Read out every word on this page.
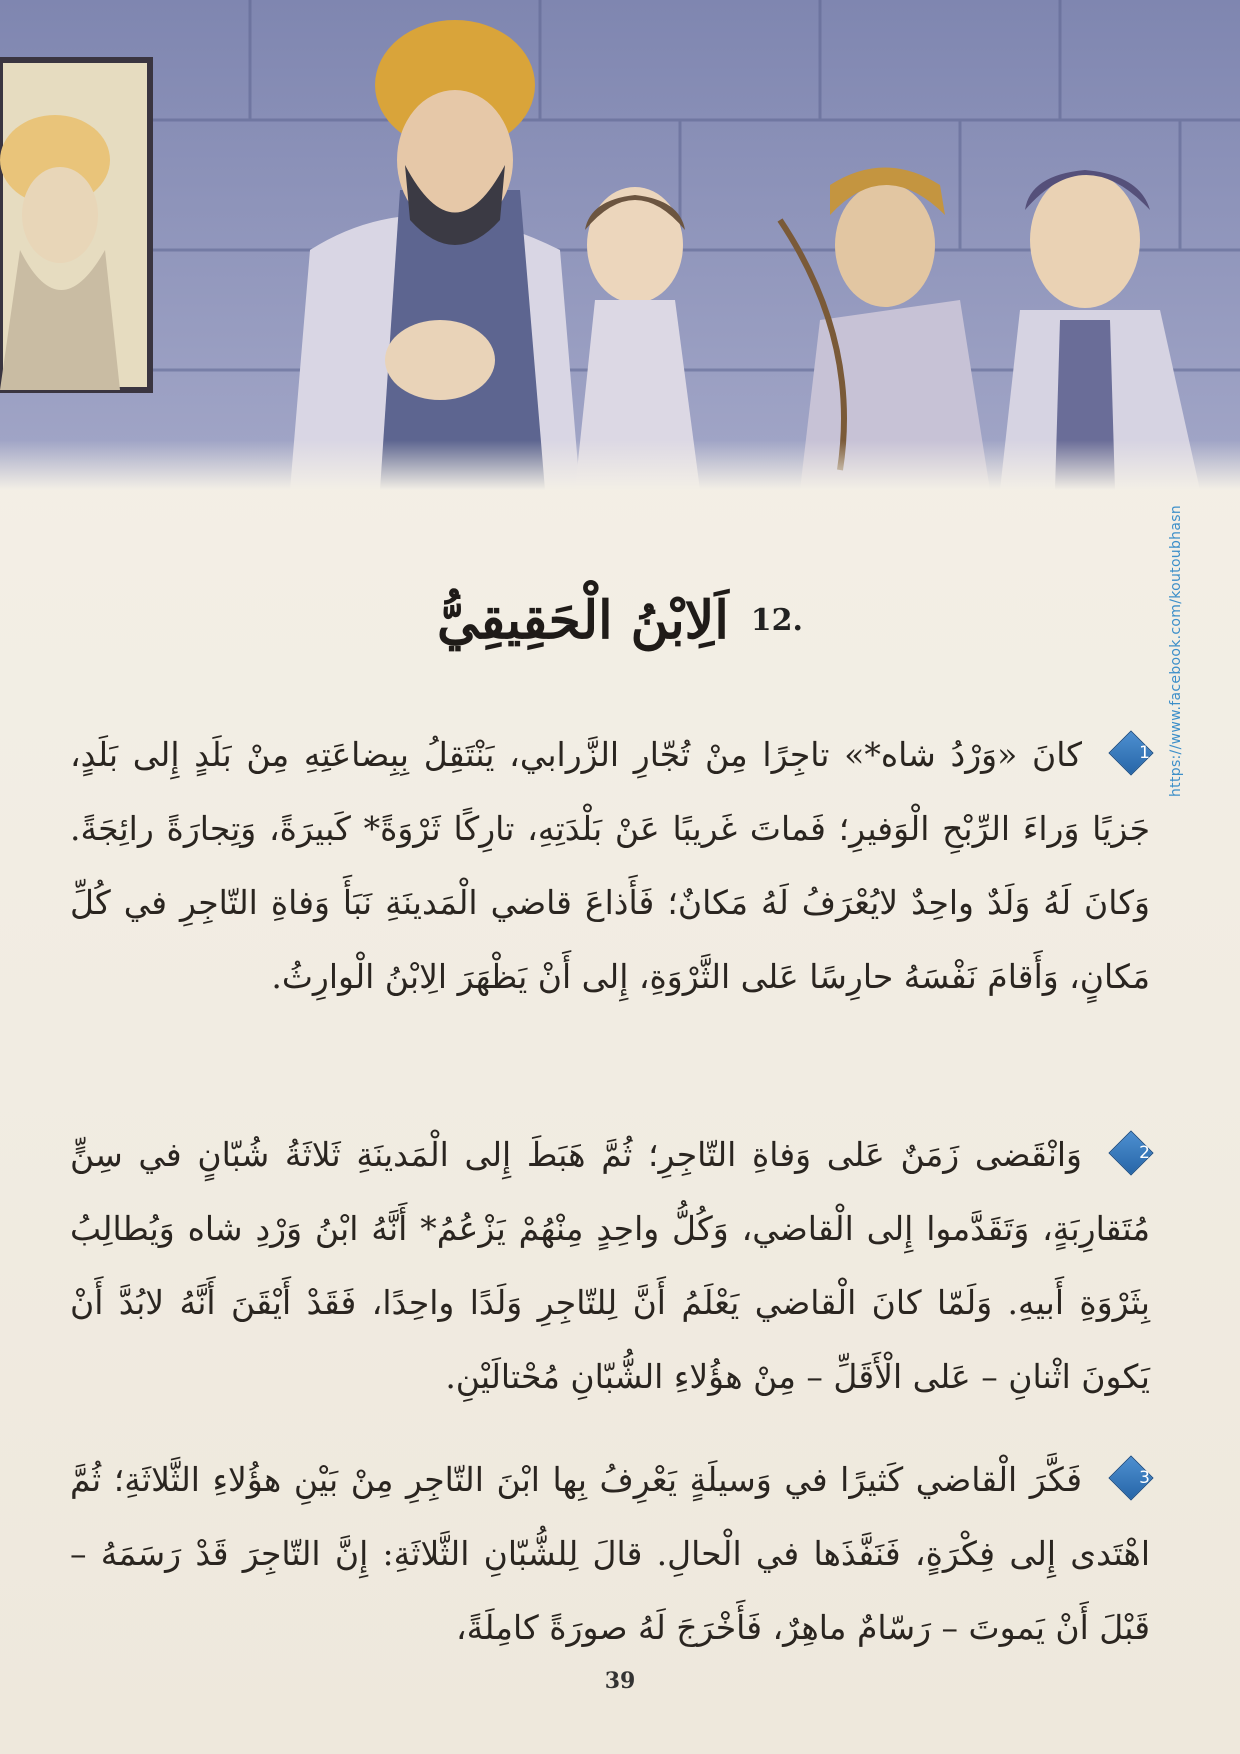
https://www.facebook.com/koutoubhasn
.12
اَلِابْنُ الْحَقِيقِيُّ
1
كانَ «وَرْدُ شاه*» تاجِرًا مِنْ تُجّارِ الزَّرابي، يَنْتَقِلُ بِبِضاعَتِهِ مِنْ بَلَدٍ إِلى بَلَدٍ، جَزيًا وَراءَ الرِّبْحِ الْوَفيرِ؛ فَماتَ غَريبًا عَنْ بَلْدَتِهِ، تارِكًا ثَرْوَةً* كَبيرَةً، وَتِجارَةً رائِجَةً. وَكانَ لَهُ وَلَدٌ واحِدٌ لايُعْرَفُ لَهُ مَكانٌ؛ فَأَذاعَ قاضي الْمَدينَةِ نَبَأَ وَفاةِ التّاجِرِ في كُلِّ مَكانٍ، وَأَقامَ نَفْسَهُ حارِسًا عَلى الثَّرْوَةِ، إِلى أَنْ يَظْهَرَ الِابْنُ الْوارِثُ.
2
وَانْقَضى زَمَنٌ عَلى وَفاةِ التّاجِرِ؛ ثُمَّ هَبَطَ إِلى الْمَدينَةِ ثَلاثَةُ شُبّانٍ في سِنٍّ مُتَقارِبَةٍ، وَتَقَدَّموا إِلى الْقاضي، وَكُلُّ واحِدٍ مِنْهُمْ يَزْعُمُ* أَنَّهُ ابْنُ وَرْدِ شاه وَيُطالِبُ بِثَرْوَةِ أَبيهِ. وَلَمّا كانَ الْقاضي يَعْلَمُ أَنَّ لِلتّاجِرِ وَلَدًا واحِدًا، فَقَدْ أَيْقَنَ أَنَّهُ لابُدَّ أَنْ يَكونَ اثْنانِ – عَلى الْأَقَلِّ – مِنْ هؤُلاءِ الشُّبّانِ مُحْتالَيْنِ.
3
فَكَّرَ الْقاضي كَثيرًا في وَسيلَةٍ يَعْرِفُ بِها ابْنَ التّاجِرِ مِنْ بَيْنِ هؤُلاءِ الثَّلاثَةِ؛ ثُمَّ اهْتَدى إِلى فِكْرَةٍ، فَنَفَّذَها في الْحالِ. قالَ لِلشُّبّانِ الثَّلاثَةِ: إِنَّ التّاجِرَ قَدْ رَسَمَهُ – قَبْلَ أَنْ يَموتَ – رَسّامٌ ماهِرٌ، فَأَخْرَجَ لَهُ صورَةً كامِلَةً،
39
